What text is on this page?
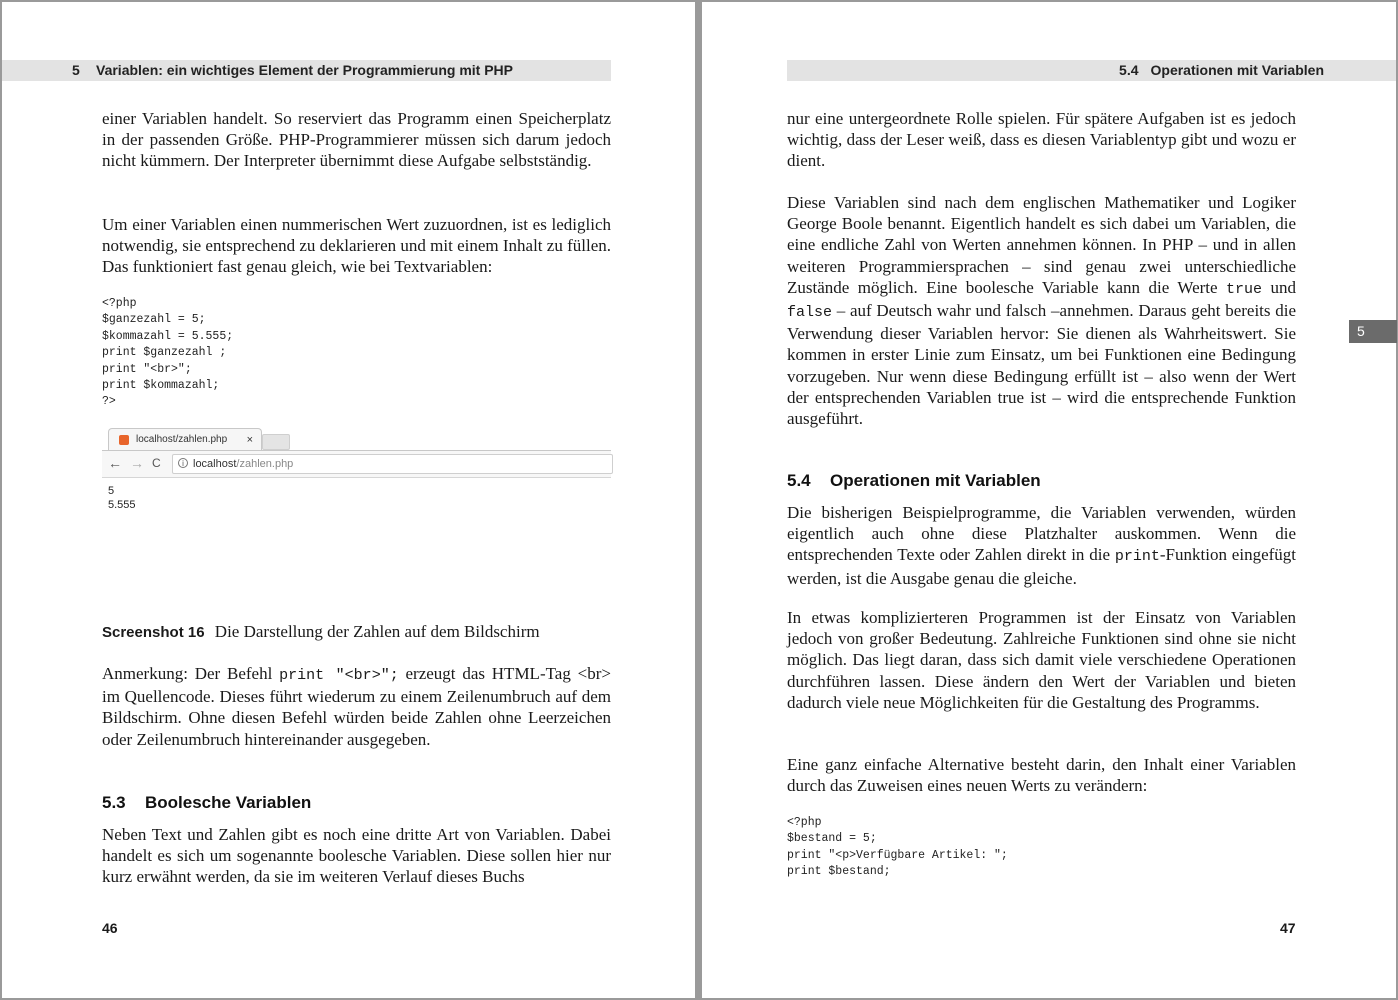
5 Variablen: ein wichtiges Element der Programmierung mit PHP

einer Variablen handelt. So reserviert das Programm einen Speicherplatz in der passenden Größe. PHP-Programmierer müssen sich darum jedoch nicht kümmern. Der Interpreter übernimmt diese Aufgabe selbstständig.

Um einer Variablen einen nummerischen Wert zuzuordnen, ist es lediglich notwendig, sie entsprechend zu deklarieren und mit einem Inhalt zu füllen. Das funktioniert fast genau gleich, wie bei Textvariablen:

<?php
$ganzezahl = 5;
$kommazahl = 5.555;
print $ganzezahl ;
print "<br>";
print $kommazahl;
?>
localhost/zahlen.php ×
← → C	i localhost/zahlen.php
5
5.555
Screenshot 16 Die Darstellung der Zahlen auf dem Bildschirm

Anmerkung: Der Befehl print "<br>"; erzeugt das HTML-Tag <br> im Quellencode. Dieses führt wiederum zu einem Zeilenumbruch auf dem Bildschirm. Ohne diesen Befehl würden beide Zahlen ohne Leerzeichen oder Zeilenumbruch hintereinander ausgegeben.

5.3 Boolesche Variablen

Neben Text und Zahlen gibt es noch eine dritte Art von Variablen. Dabei handelt es sich um sogenannte boolesche Variablen. Diese sollen hier nur kurz erwähnt werden, da sie im weiteren Verlauf dieses Buchs

46
5.4 Operationen mit Variablen

nur eine untergeordnete Rolle spielen. Für spätere Aufgaben ist es jedoch wichtig, dass der Leser weiß, dass es diesen Variablentyp gibt und wozu er dient.

Diese Variablen sind nach dem englischen Mathematiker und Logiker George Boole benannt. Eigentlich handelt es sich dabei um Variablen, die eine endliche Zahl von Werten annehmen können. In PHP – und in allen weiteren Programmiersprachen – sind genau zwei unterschiedliche Zustände möglich. Eine boolesche Variable kann die Werte true und false – auf Deutsch wahr und falsch –annehmen. Daraus geht bereits die Verwendung dieser Variablen hervor: Sie dienen als Wahrheitswert. Sie kommen in erster Linie zum Einsatz, um bei Funktionen eine Bedingung vorzugeben. Nur wenn diese Bedingung erfüllt ist – also wenn der Wert der entsprechenden Variablen true ist – wird die entsprechende Funktion ausgeführt.

5.4 Operationen mit Variablen

Die bisherigen Beispielprogramme, die Variablen verwenden, würden eigentlich auch ohne diese Platzhalter auskommen. Wenn die entsprechenden Texte oder Zahlen direkt in die print-Funktion eingefügt werden, ist die Ausgabe genau die gleiche.

In etwas komplizierteren Programmen ist der Einsatz von Variablen jedoch von großer Bedeutung. Zahlreiche Funktionen sind ohne sie nicht möglich. Das liegt daran, dass sich damit viele verschiedene Operationen durchführen lassen. Diese ändern den Wert der Variablen und bieten dadurch viele neue Möglichkeiten für die Gestaltung des Programms.

Eine ganz einfache Alternative besteht darin, den Inhalt einer Variablen durch das Zuweisen eines neuen Werts zu verändern:

<?php
$bestand = 5;
print "<p>Verfügbare Artikel: ";
print $bestand;
47
5
